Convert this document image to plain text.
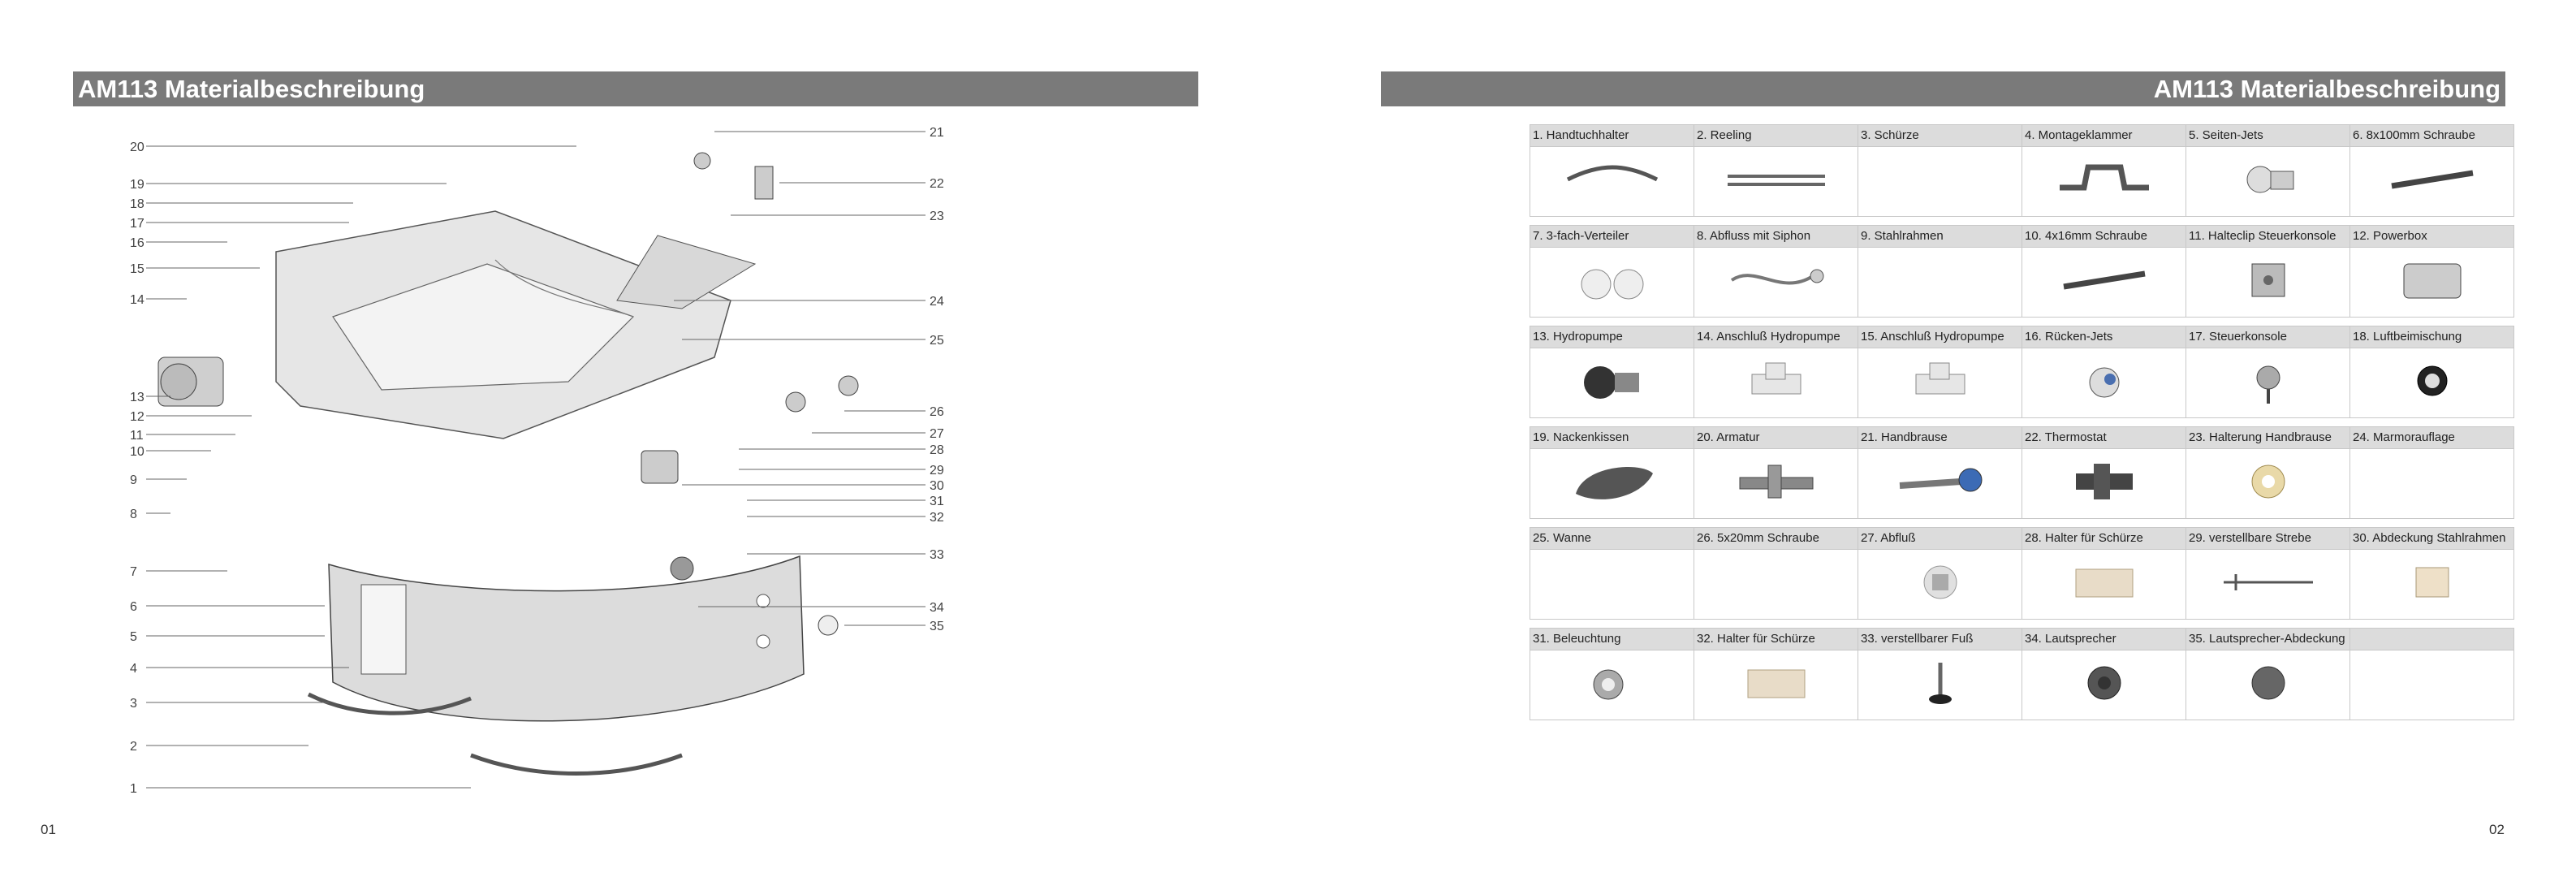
AM113 Materialbeschreibung
1
2
3
4
5
6
7
8
9
10
11
12
13
14
15
16
17
18
19
20
21
22
23
24
25
26
27
28
29
30
31
32
33
34
35
01
AM113 Materialbeschreibung
1. Handtuchhalter	2. Reeling	3. Schürze	4. Montageklammer	5. Seiten-Jets	6. 8x100mm Schraube

7. 3-fach-Verteiler	8. Abfluss mit Siphon	9. Stahlrahmen	10. 4x16mm Schraube	11. Halteclip Steuerkonsole	12. Powerbox

13. Hydropumpe	14. Anschluß Hydropumpe	15. Anschluß Hydropumpe	16. Rücken-Jets	17. Steuerkonsole	18. Luftbeimischung

19. Nackenkissen	20. Armatur	21. Handbrause	22. Thermostat	23. Halterung Handbrause	24. Marmorauflage

25. Wanne	26. 5x20mm Schraube	27. Abfluß	28. Halter für Schürze	29. verstellbare Strebe	30. Abdeckung Stahlrahmen

31. Beleuchtung	32. Halter für Schürze	33. verstellbarer Fuß	34. Lautsprecher	35. Lautsprecher-Abdeckung	

02
